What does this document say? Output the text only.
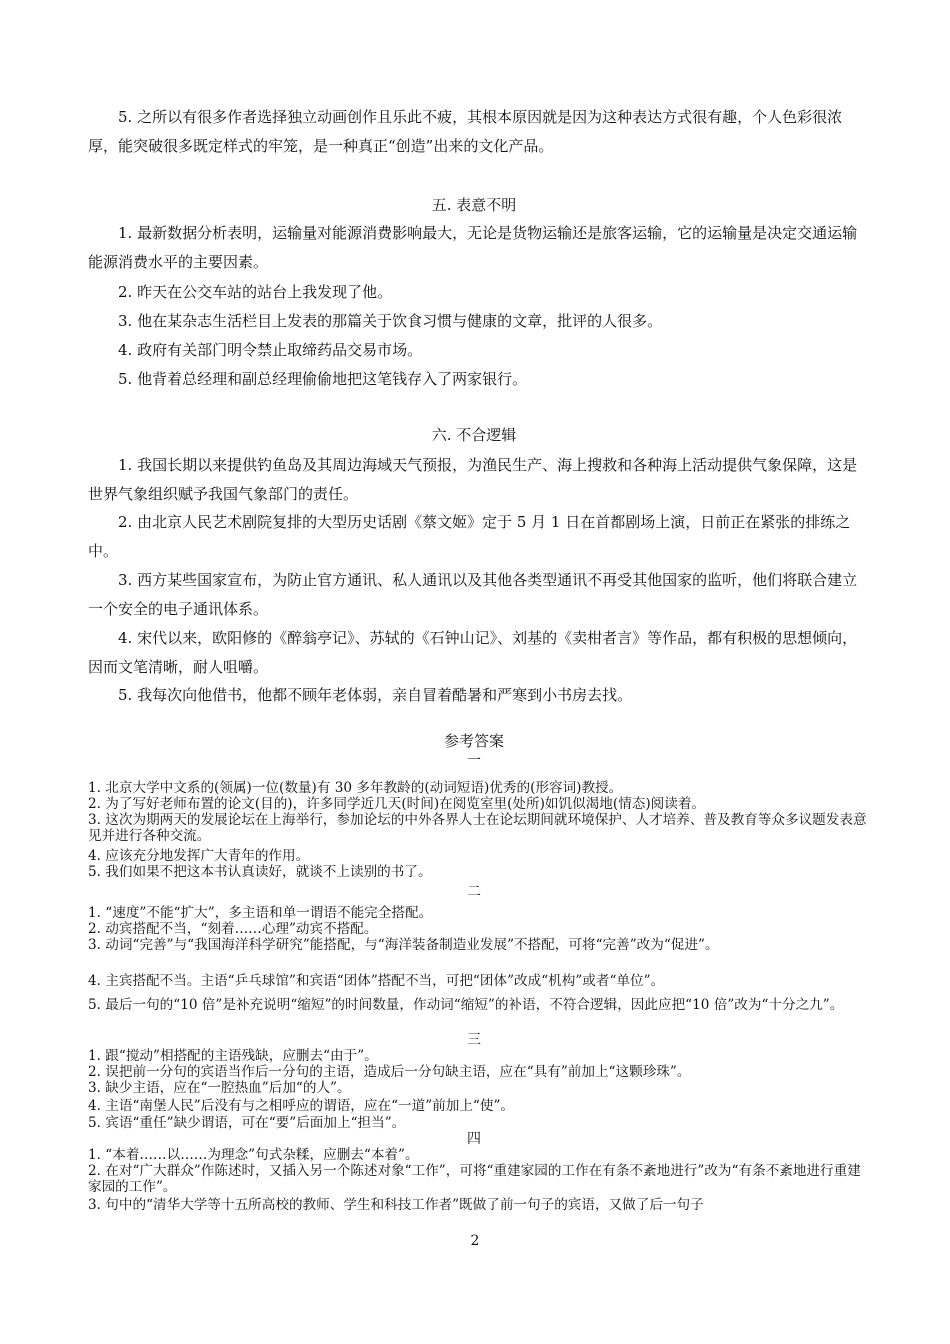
5. 之所以有很多作者选择独立动画创作且乐此不疲，其根本原因就是因为这种表达方式很有趣，个人色彩很浓厚，能突破很多既定样式的牢笼，是一种真正“创造”出来的文化产品。

五. 表意不明

1. 最新数据分析表明，运输量对能源消费影响最大，无论是货物运输还是旅客运输，它的运输量是决定交通运输能源消费水平的主要因素。

2. 昨天在公交车站的站台上我发现了他。

3. 他在某杂志生活栏目上发表的那篇关于饮食习惯与健康的文章，批评的人很多。

4. 政府有关部门明令禁止取缔药品交易市场。

5. 他背着总经理和副总经理偷偷地把这笔钱存入了两家银行。

六. 不合逻辑

1. 我国长期以来提供钓鱼岛及其周边海域天气预报，为渔民生产、海上搜救和各种海上活动提供气象保障，这是世界气象组织赋予我国气象部门的责任。

2. 由北京人民艺术剧院复排的大型历史话剧《蔡文姬》定于 5 月 1 日在首都剧场上演，日前正在紧张的排练之中。

3. 西方某些国家宣布，为防止官方通讯、私人通讯以及其他各类型通讯不再受其他国家的监听，他们将联合建立一个安全的电子通讯体系。

4. 宋代以来，欧阳修的《醉翁亭记》、苏轼的《石钟山记》、刘基的《卖柑者言》等作品，都有积极的思想倾向，因而文笔清晰，耐人咀嚼。

5. 我每次向他借书，他都不顾年老体弱，亲自冒着酷暑和严寒到小书房去找。

参考答案

一

1. 北京大学中文系的(领属)一位(数量)有 30 多年教龄的(动词短语)优秀的(形容词)教授。

2. 为了写好老师布置的论文(目的)，许多同学近几天(时间)在阅览室里(处所)如饥似渴地(情态)阅读着。

3. 这次为期两天的发展论坛在上海举行，参加论坛的中外各界人士在论坛期间就环境保护、人才培养、普及教育等众多议题发表意见并进行各种交流。

4. 应该充分地发挥广大青年的作用。

5. 我们如果不把这本书认真读好，就谈不上读别的书了。

二

1. “速度”不能“扩大”，多主语和单一谓语不能完全搭配。

2. 动宾搭配不当，“刻着……心理”动宾不搭配。

3. 动词“完善”与“我国海洋科学研究”能搭配，与“海洋装备制造业发展”不搭配，可将“完善”改为“促进”。

4. 主宾搭配不当。主语“乒乓球馆”和宾语“团体”搭配不当，可把“团体”改成“机构”或者“单位”。

5. 最后一句的“10 倍”是补充说明“缩短”的时间数量，作动词“缩短”的补语，不符合逻辑，因此应把“10 倍”改为“十分之九”。

三

1. 跟“搅动”相搭配的主语残缺，应删去“由于”。

2. 误把前一分句的宾语当作后一分句的主语，造成后一分句缺主语，应在“具有”前加上“这颗珍珠”。

3. 缺少主语，应在“一腔热血”后加“的人”。

4. 主语“南堡人民”后没有与之相呼应的谓语，应在“一道”前加上“使”。

5. 宾语“重任”缺少谓语，可在“要”后面加上“担当”。

四

1. “本着……以……为理念”句式杂糅，应删去“本着”。

2. 在对“广大群众”作陈述时，又插入另一个陈述对象“工作”，可将“重建家园的工作在有条不紊地进行”改为“有条不紊地进行重建家园的工作”。

3. 句中的“清华大学等十五所高校的教师、学生和科技工作者”既做了前一句子的宾语，又做了后一句子

2
